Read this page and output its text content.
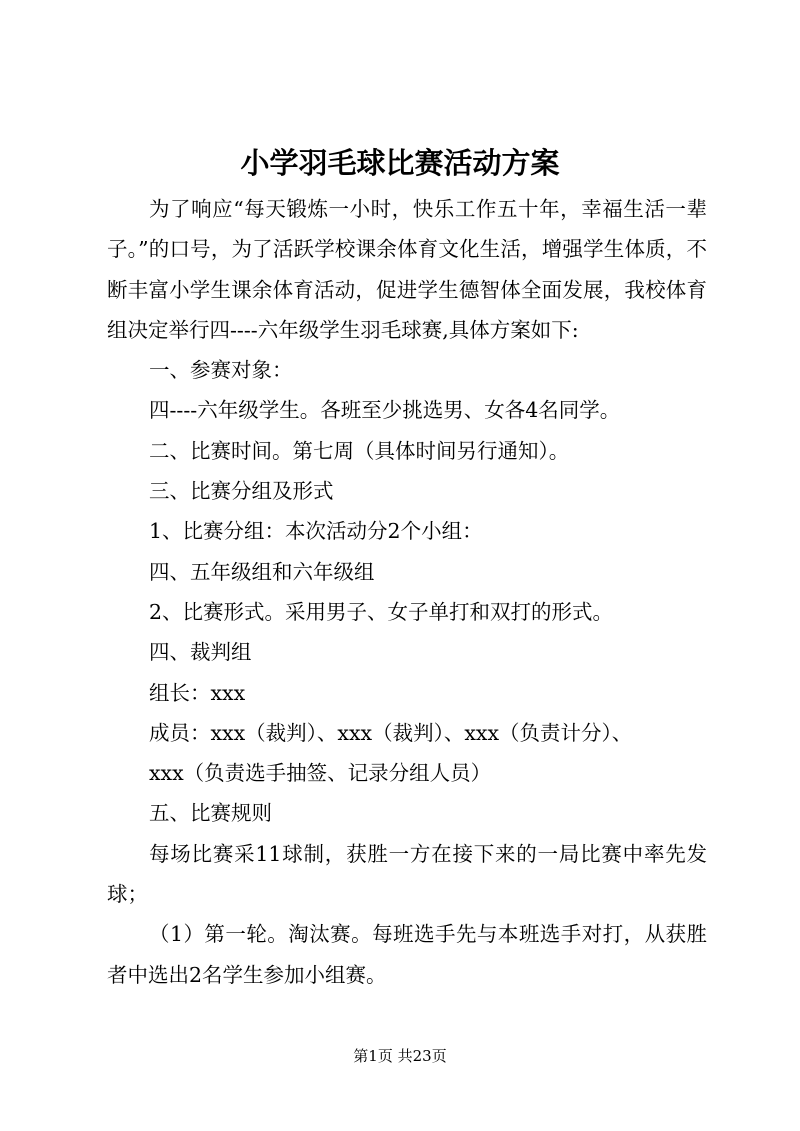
小学羽毛球比赛活动方案

为了响应“每天锻炼一小时，快乐工作五十年，幸福生活一辈子。”的口号，为了活跃学校课余体育文化生活，增强学生体质，不断丰富小学生课余体育活动，促进学生德智体全面发展，我校体育组决定举行四----六年级学生羽毛球赛,具体方案如下:

一、参赛对象：

四----六年级学生。各班至少挑选男、女各4名同学。

二、比赛时间。第七周（具体时间另行通知）。

三、比赛分组及形式

1、比赛分组：本次活动分2个小组：

四、五年级组和六年级组

2、比赛形式。采用男子、女子单打和双打的形式。

四、裁判组

组长：xxx

成员：xxx（裁判）、xxx（裁判）、xxx（负责计分）、

xxx（负责选手抽签、记录分组人员）

五、比赛规则

每场比赛采11球制，获胜一方在接下来的一局比赛中率先发球；

（1）第一轮。淘汰赛。每班选手先与本班选手对打，从获胜者中选出2名学生参加小组赛。

第1页 共23页
